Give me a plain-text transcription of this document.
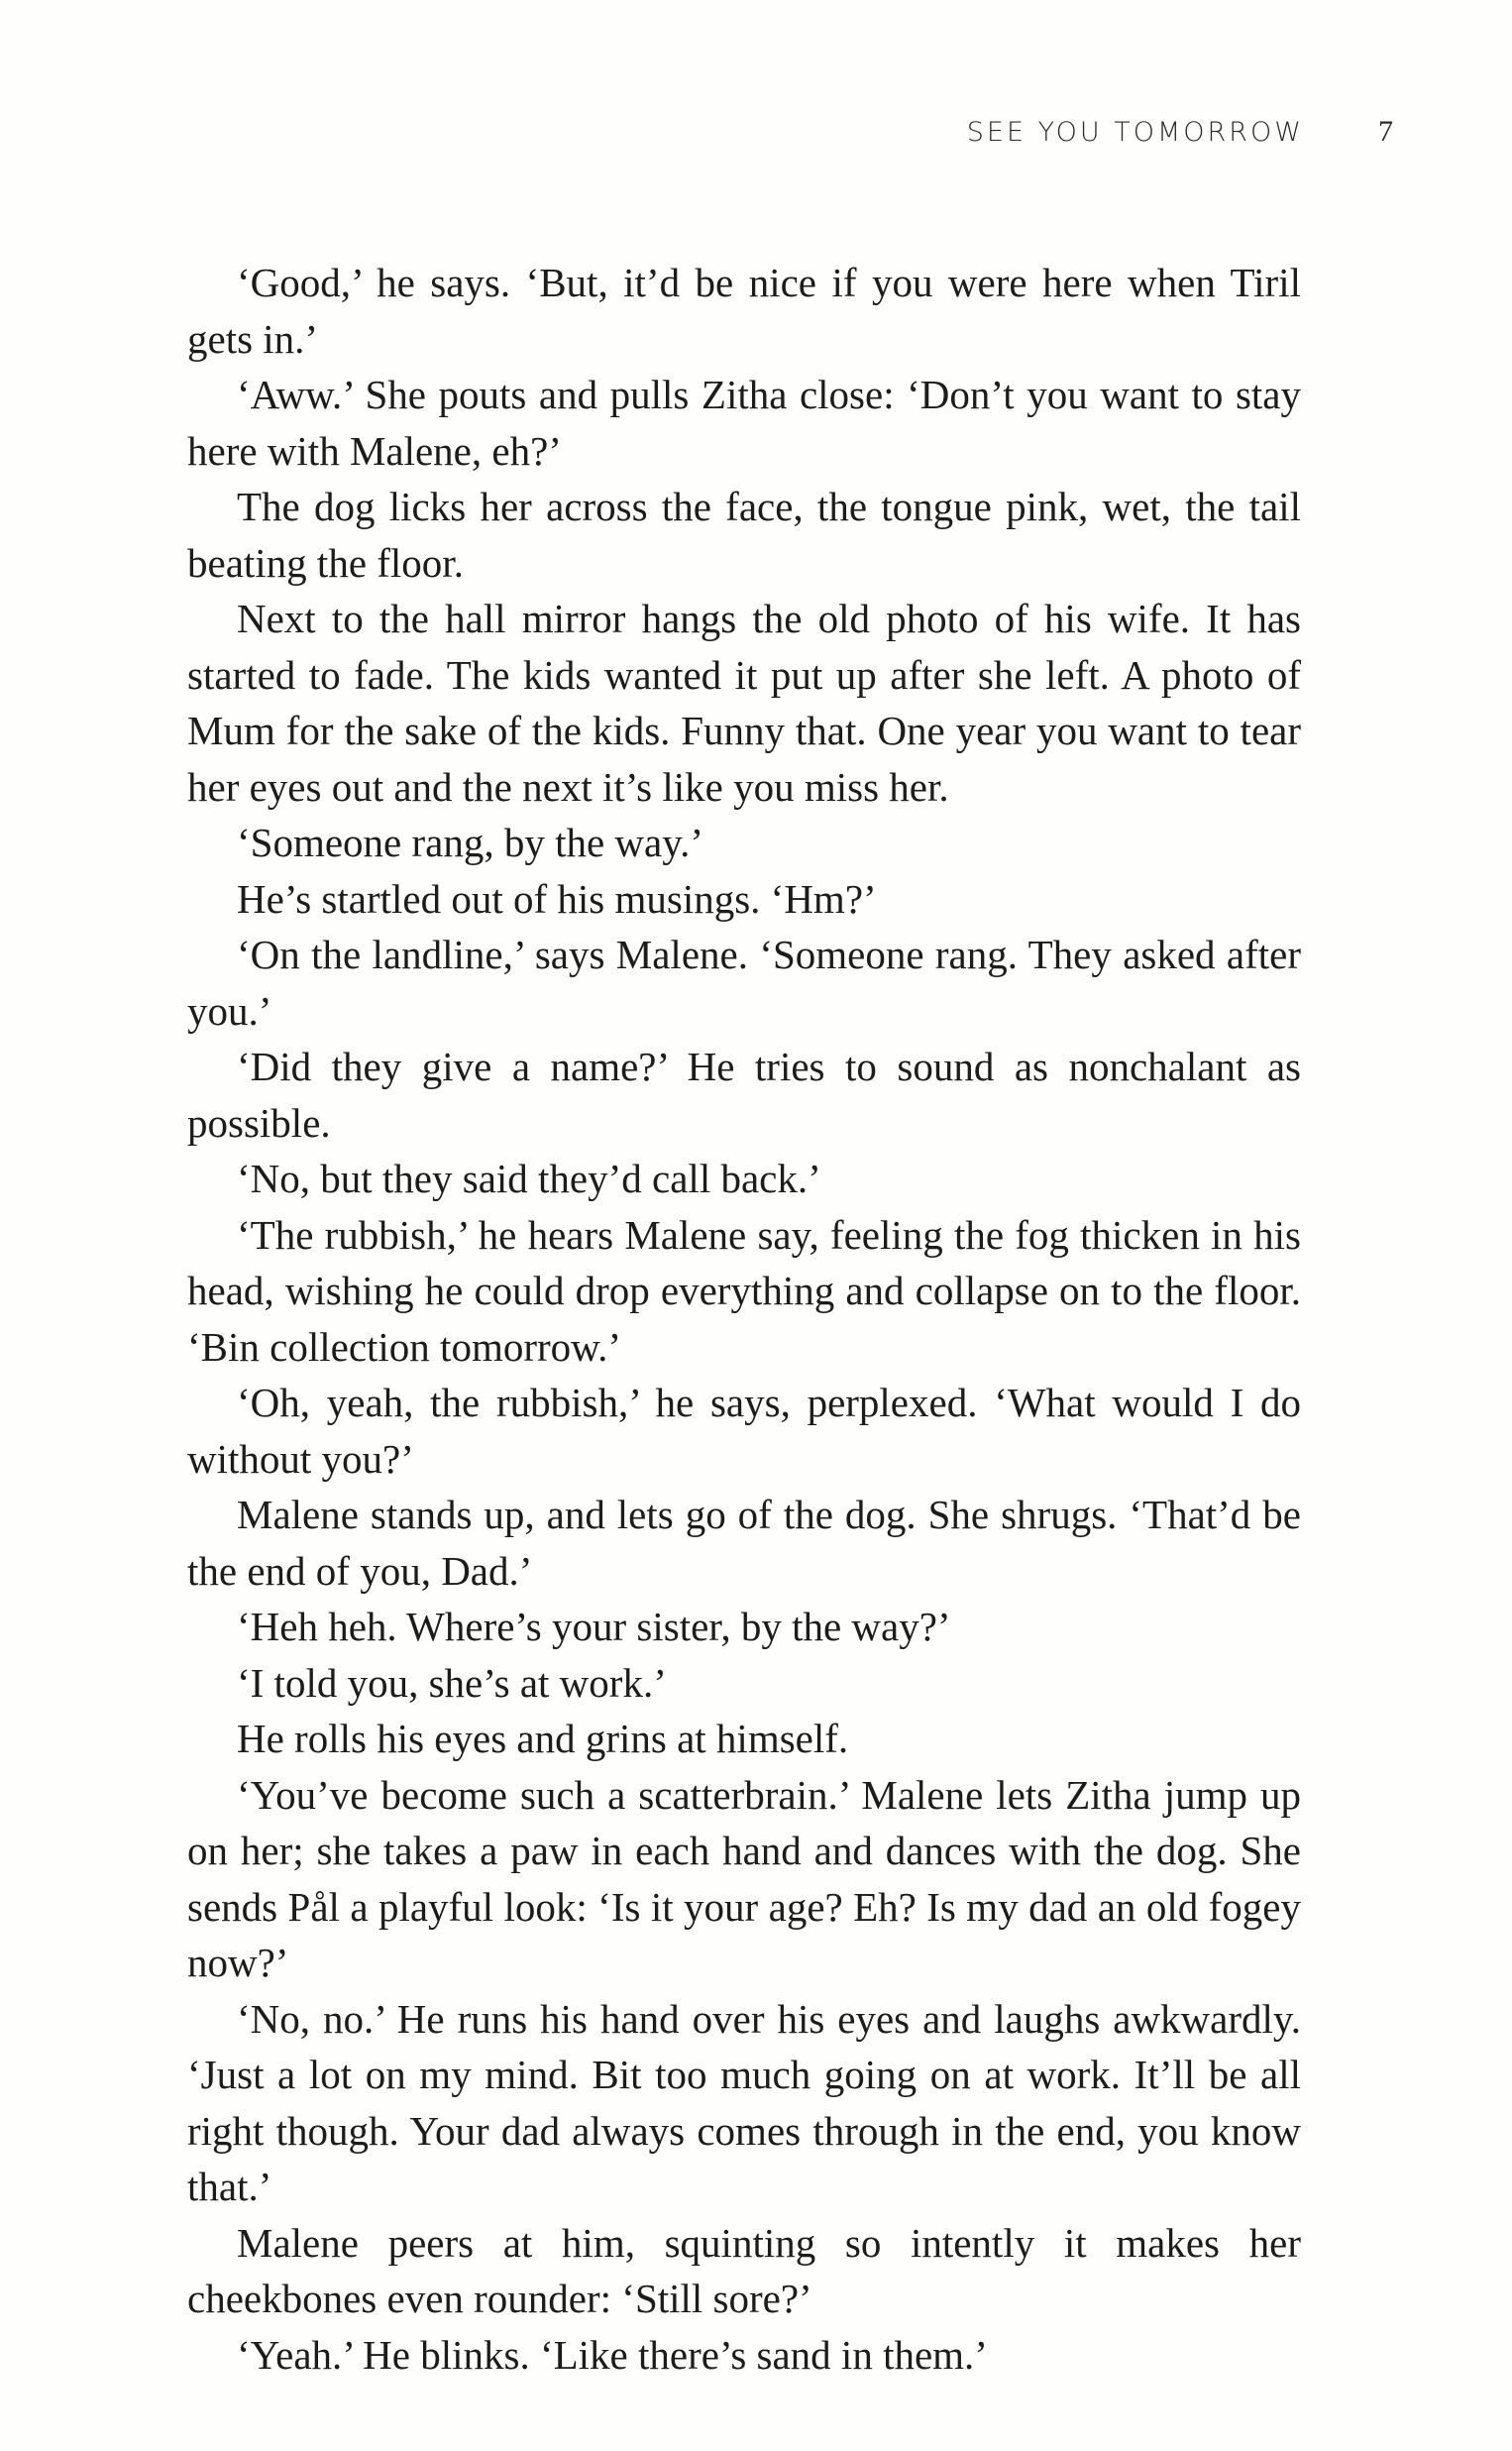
SEE YOU TOMORROW	7

‘Good,’ he says. ‘But, it’d be nice if you were here when Tiril gets in.’

‘Aww.’ She pouts and pulls Zitha close: ‘Don’t you want to stay here with Malene, eh?’

The dog licks her across the face, the tongue pink, wet, the tail beating the floor.

Next to the hall mirror hangs the old photo of his wife. It has started to fade. The kids wanted it put up after she left. A photo of Mum for the sake of the kids. Funny that. One year you want to tear her eyes out and the next it’s like you miss her.

‘Someone rang, by the way.’

He’s startled out of his musings. ‘Hm?’

‘On the landline,’ says Malene. ‘Someone rang. They asked after you.’

‘Did they give a name?’ He tries to sound as nonchalant as possible.

‘No, but they said they’d call back.’

‘The rubbish,’ he hears Malene say, feeling the fog thicken in his head, wishing he could drop everything and collapse on to the floor. ‘Bin collection tomorrow.’

‘Oh, yeah, the rubbish,’ he says, perplexed. ‘What would I do without you?’

Malene stands up, and lets go of the dog. She shrugs. ‘That’d be the end of you, Dad.’

‘Heh heh. Where’s your sister, by the way?’

‘I told you, she’s at work.’

He rolls his eyes and grins at himself.

‘You’ve become such a scatterbrain.’ Malene lets Zitha jump up on her; she takes a paw in each hand and dances with the dog. She sends Pål a playful look: ‘Is it your age? Eh? Is my dad an old fogey now?’

‘No, no.’ He runs his hand over his eyes and laughs awkwardly. ‘Just a lot on my mind. Bit too much going on at work. It’ll be all right though. Your dad always comes through in the end, you know that.’

Malene peers at him, squinting so intently it makes her cheekbones even rounder: ‘Still sore?’

‘Yeah.’ He blinks. ‘Like there’s sand in them.’
